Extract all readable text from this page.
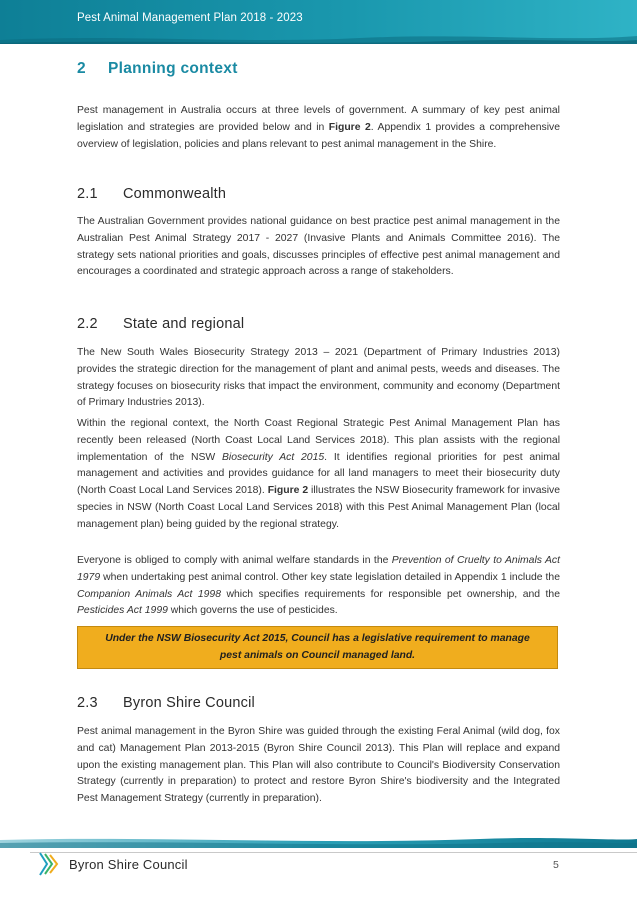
Pest Animal Management Plan 2018 - 2023
2 Planning context

Pest management in Australia occurs at three levels of government. A summary of key pest animal legislation and strategies are provided below and in Figure 2. Appendix 1 provides a comprehensive overview of legislation, policies and plans relevant to pest animal management in the Shire.

2.1 Commonwealth

The Australian Government provides national guidance on best practice pest animal management in the Australian Pest Animal Strategy 2017 - 2027 (Invasive Plants and Animals Committee 2016). The strategy sets national priorities and goals, discusses principles of effective pest animal management and encourages a coordinated and strategic approach across a range of stakeholders.

2.2 State and regional

The New South Wales Biosecurity Strategy 2013 – 2021 (Department of Primary Industries 2013) provides the strategic direction for the management of plant and animal pests, weeds and diseases. The strategy focuses on biosecurity risks that impact the environment, community and economy (Department of Primary Industries 2013).

Within the regional context, the North Coast Regional Strategic Pest Animal Management Plan has recently been released (North Coast Local Land Services 2018). This plan assists with the regional implementation of the NSW Biosecurity Act 2015. It identifies regional priorities for pest animal management and activities and provides guidance for all land managers to meet their biosecurity duty (North Coast Local Land Services 2018). Figure 2 illustrates the NSW Biosecurity framework for invasive species in NSW (North Coast Local Land Services 2018) with this Pest Animal Management Plan (local management plan) being guided by the regional strategy.

Everyone is obliged to comply with animal welfare standards in the Prevention of Cruelty to Animals Act 1979 when undertaking pest animal control. Other key state legislation detailed in Appendix 1 include the Companion Animals Act 1998 which specifies requirements for responsible pet ownership, and the Pesticides Act 1999 which governs the use of pesticides.

Under the NSW Biosecurity Act 2015, Council has a legislative requirement to manage pest animals on Council managed land.
2.3 Byron Shire Council

Pest animal management in the Byron Shire was guided through the existing Feral Animal (wild dog, fox and cat) Management Plan 2013-2015 (Byron Shire Council 2013). This Plan will replace and expand upon the existing management plan. This Plan will also contribute to Council's Biodiversity Conservation Strategy (currently in preparation) to protect and restore Byron Shire's biodiversity and the Integrated Pest Management Strategy (currently in preparation).

Byron Shire Council	5
